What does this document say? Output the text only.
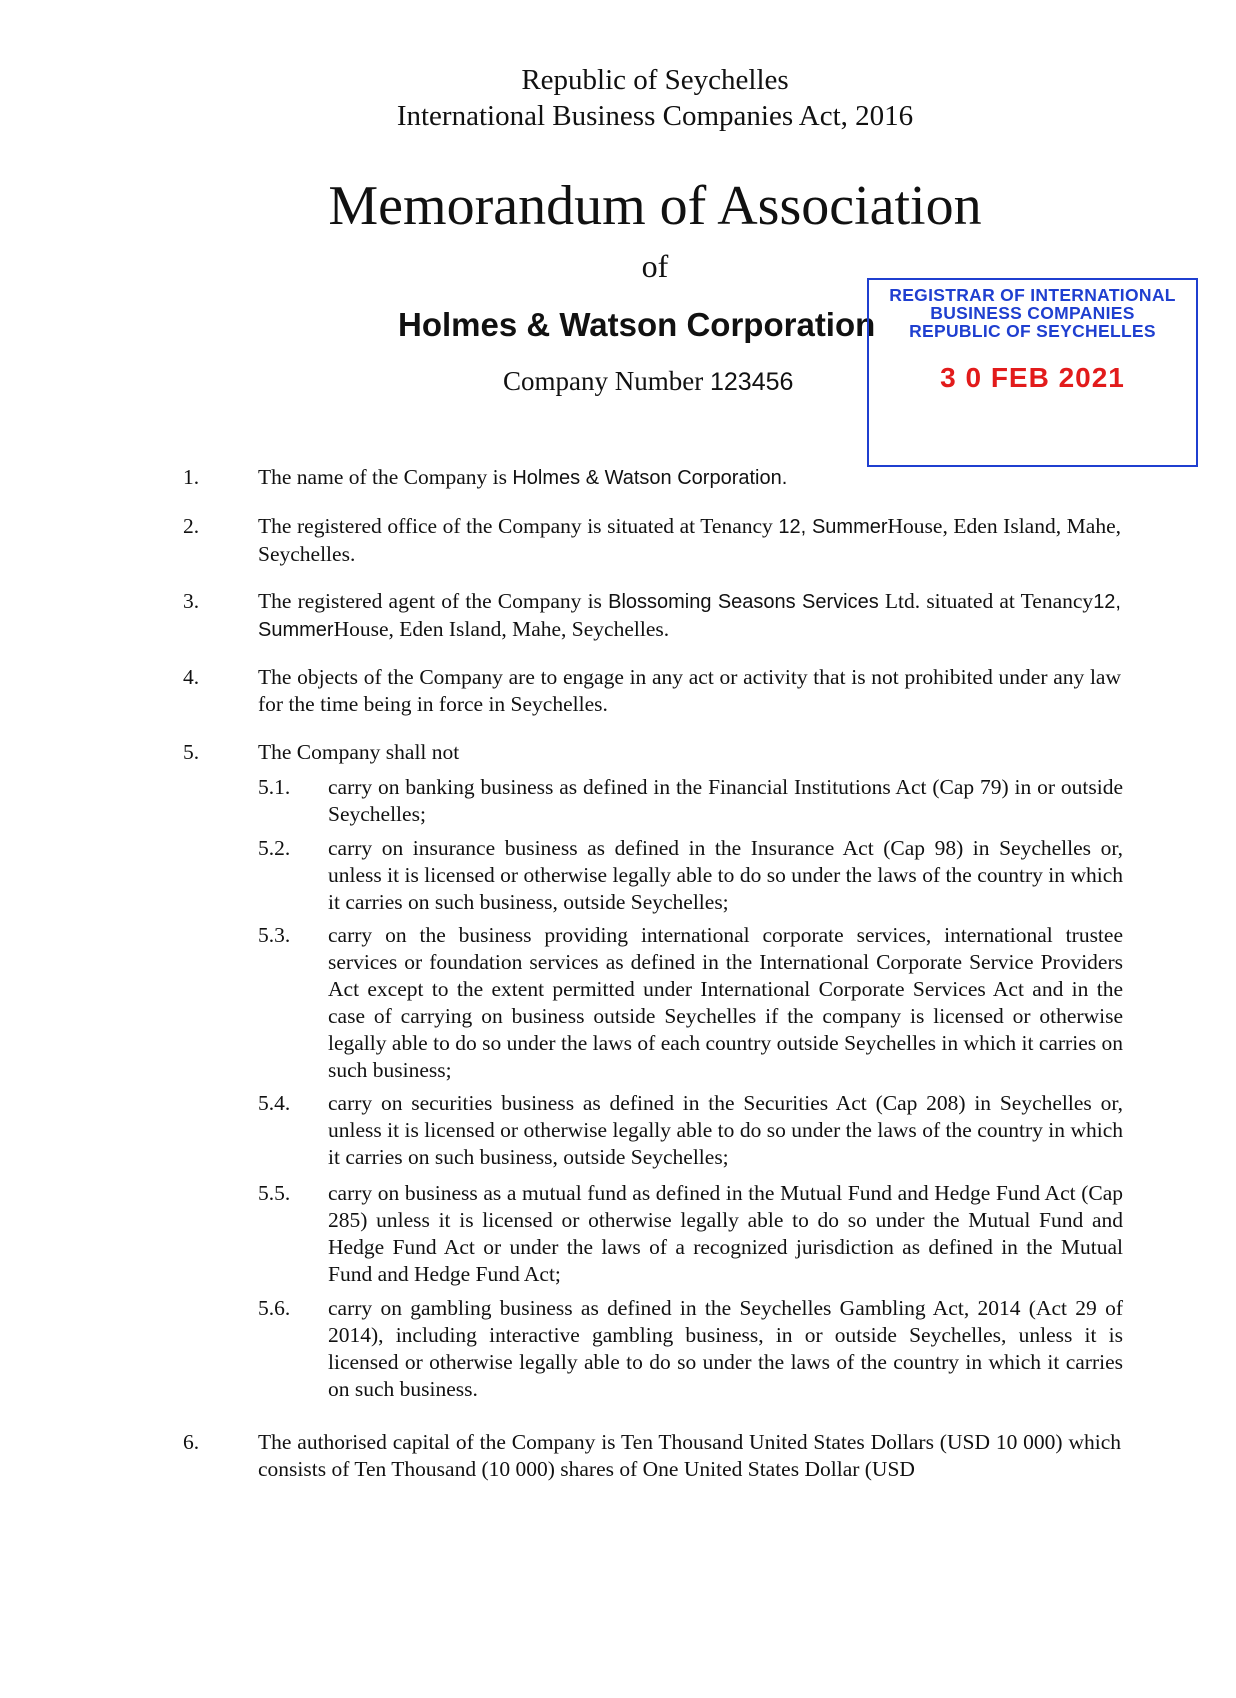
Republic of Seychelles
International Business Companies Act, 2016
Memorandum of Association
of
Holmes & Watson Corporation
Company Number 123456
REGISTRAR OF INTERNATIONAL
BUSINESS COMPANIES
REPUBLIC OF SEYCHELLES
3 0 FEB 2021
1.	The name of the Company is Holmes & Watson Corporation.
2.	The registered office of the Company is situated at Tenancy 12, SummerHouse, Eden Island, Mahe, Seychelles.
3.	The registered agent of the Company is Blossoming Seasons Services Ltd. situated at Tenancy12, SummerHouse, Eden Island, Mahe, Seychelles.
4.	The objects of the Company are to engage in any act or activity that is not prohibited under any law for the time being in force in Seychelles.
5.	The Company shall not
5.1.	carry on banking business as defined in the Financial Institutions Act (Cap 79) in or outside Seychelles;
5.2.	carry on insurance business as defined in the Insurance Act (Cap 98) in Seychelles or, unless it is licensed or otherwise legally able to do so under the laws of the country in which it carries on such business, outside Seychelles;
5.3.	carry on the business providing international corporate services, international trustee services or foundation services as defined in the International Corporate Service Providers Act except to the extent permitted under International Corporate Services Act and in the case of carrying on business outside Seychelles if the company is licensed or otherwise legally able to do so under the laws of each country outside Seychelles in which it carries on such business;
5.4.	carry on securities business as defined in the Securities Act (Cap 208) in Seychelles or, unless it is licensed or otherwise legally able to do so under the laws of the country in which it carries on such business, outside Seychelles;
5.5.	carry on business as a mutual fund as defined in the Mutual Fund and Hedge Fund Act (Cap 285) unless it is licensed or otherwise legally able to do so under the Mutual Fund and Hedge Fund Act or under the laws of a recognized jurisdiction as defined in the Mutual Fund and Hedge Fund Act;
5.6.	carry on gambling business as defined in the Seychelles Gambling Act, 2014 (Act 29 of 2014), including interactive gambling business, in or outside Seychelles, unless it is licensed or otherwise legally able to do so under the laws of the country in which it carries on such business.
6.	The authorised capital of the Company is Ten Thousand United States Dollars (USD 10 000) which consists of Ten Thousand (10 000) shares of One United States Dollar (USD
